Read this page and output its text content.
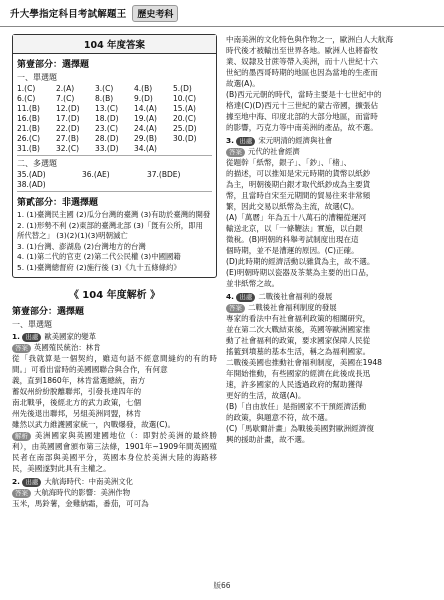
升大學指定科目考試解題王	歷史考科
104 年度答案
第壹部分：選擇題
一、單選題
1.(C)	2.(A)	3.(C)	4.(B)	5.(D)
6.(C)	7.(C)	8.(B)	9.(D)	10.(C)
11.(B)	12.(D)	13.(C)	14.(A)	15.(A)
16.(B)	17.(D)	18.(D)	19.(A)	20.(C)
21.(B)	22.(D)	23.(C)	24.(A)	25.(D)
26.(C)	27.(B)	28.(D)	29.(B)	30.(D)
31.(B)	32.(C)	33.(D)	34.(A)
二、多選題
35.(AD)	36.(AE)	37.(BDE)
38.(AD)
第貳部分：非選擇題
1. (1)臺灣民主國 (2)瓜分台灣的臺灣 (3)有助於臺灣的開發
2. (1)形勢不利 (2)東部的臺灣北部 (3)「旣有公所，即用
所代替之」 (3)(2)(1)(3)明朝滅亡
3. (1)台灣、澎湖島 (2)台灣地方的台灣
4. (1)第二代的官吏 (2)第二代公民權 (3)中國國籍
5. (1)臺灣總督府 (2)施行後 (3)《九十五條條約》
《 104 年度解析 》
第壹部分：選擇題
一、單選題
1. 出處 歐美國家的變革
答案 英國殖民統治：林肯
從「我就算是一個契約，雖這句話不經意間縫約的有的時間。」可看出當時的美國國聯合與合作，有何意
義，直到1860年，林肯當選總統，南方
蓄奴州紛紛脫離聯邦，引發長達四年的
南北戰爭，後經北方的武力政策，七個
州先後退出聯邦，另組美洲同盟，林肯
雖然以武力維護國家統一，內戰爆發，故選(C)。
解析 美洲國家與英國建國地位（：即對於美洲的最終勝利），由英國國會頒布第三法條，1901年~1909年間英國殖民者在南部與美國平分，英國本身位於美洲大陸的海路移民，美國遂對此具有主權之。
2. 出處 大航海時代：中南美洲文化
答案 大航海時代的影響：美洲作物
玉米，馬鈴薯，金雞納霜，番茄，可可為
中南美洲的文化特色與作物之一，歐洲白人大航海
時代後才被輸出至世界各地。歐洲人也將畜牧
業、奴隸及甘蔗等帶入美洲，而十八世紀十六
世紀的墨西哥時期的地區也因為當地的生產而
故選(A)。
(B)西元元朝的時代，當時主要是十七世紀中的
格達(C)(D)西元十三世紀的蒙古帝國，擴張佔
據至地中海、印度北部的大部分地區，而當時
的影響，巧克力等中南美洲的產品，故不選。
3. 出處 宋元明清的經濟與社會
答案 元代的社會經濟
從題幹「紙幣，銀子」、「鈔」、「楮」、
的描述，可以推知是宋元時期的貨幣以紙鈔
為主，明朝後期白銀才取代紙鈔成為主要貨
幣，且當時自宋至元期間的貿易往來非常頻
繁，因此交易以紙幣為主流，故選(C)。
(A)「萬曆」年為五十八萬石的漕糧從運河
輸送北京，以「一條鞭法」實施，以白銀
徵稅。(B)明朝的科舉考試制度出現在這
個時期，並不是漕運的原因。(C)正確。
(D)此時期的經濟活動以雜貨為主，故不選。
(E)明朝時期以瓷器及茶葉為主要的出口品，
並非紙幣之故。
4. 出處 二戰後社會福利的發展
答案 二戰後社會福利制度的發展
專家的看法中有社會福利政策的相關研究，
並在第二次大戰結束後，英國等歐洲國家推
動了社會福利的政策，要求國家保障人民從
搖籃到墳墓的基本生活，稱之為福利國家。
二戰後美國也推動社會福利制度，美國在1948
年開始推動，有些國家的經濟在此後成長迅
速，許多國家的人民透過政府的幫助獲得
更好的生活，故選(A)。
(B)「自由放任」是指國家不干預經濟活動
的政策，與題意不符，故不選。
(C)「馬歇爾計畫」為戰後美國對歐洲經濟復
興的援助計畫，故不選。
版66
